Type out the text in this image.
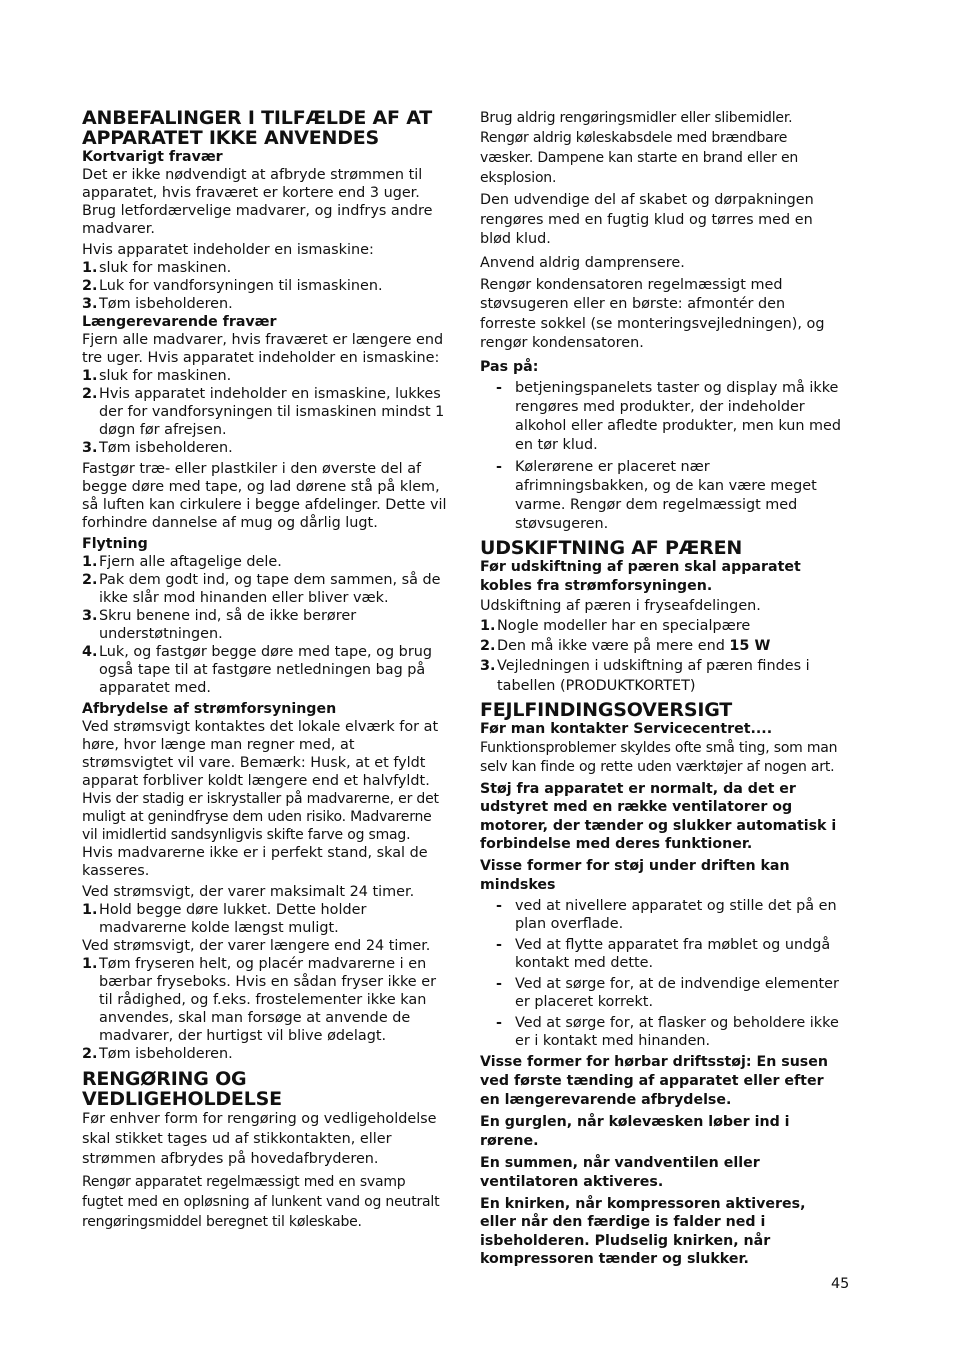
ANBEFALINGER I TILFÆLDE AF AT APPARATET IKKE ANVENDES

Kortvarigt fravær

Det er ikke nødvendigt at afbryde strømmen til apparatet, hvis fraværet er kortere end 3 uger. Brug letfordærvelige madvarer, og indfrys andre madvarer.

Hvis apparatet indeholder en ismaskine:

1. sluk for maskinen.
2. Luk for vandforsyningen til ismaskinen.
3. Tøm isbeholderen.

Længerevarende fravær

Fjern alle madvarer, hvis fraværet er længere end tre uger. Hvis apparatet indeholder en ismaskine:

1. sluk for maskinen.
2. Hvis apparatet indeholder en ismaskine, lukkes der for vandforsyningen til ismaskinen mindst 1 døgn før afrejsen.
3. Tøm isbeholderen.

Fastgør træ- eller plastkiler i den øverste del af begge døre med tape, og lad dørene stå på klem, så luften kan cirkulere i begge afdelinger. Dette vil forhindre dannelse af mug og dårlig lugt.

Flytning

1. Fjern alle aftagelige dele.
2. Pak dem godt ind, og tape dem sammen, så de ikke slår mod hinanden eller bliver væk.
3. Skru benene ind, så de ikke berører understøtningen.
4. Luk, og fastgør begge døre med tape, og brug også tape til at fastgøre netledningen bag på apparatet med.

Afbrydelse af strømforsyningen

Ved strømsvigt kontaktes det lokale elværk for at høre, hvor længe man regner med, at strømsvigtet vil vare. Bemærk: Husk, at et fyldt apparat forbliver koldt længere end et halvfyldt.

Hvis der stadig er iskrystaller på madvarerne, er det muligt at genindfryse dem uden risiko. Madvarerne vil imidlertid sandsynligvis skifte farve og smag.

Hvis madvarerne ikke er i perfekt stand, skal de kasseres.

Ved strømsvigt, der varer maksimalt 24 timer.

1. Hold begge døre lukket. Dette holder madvarerne kolde længst muligt.

Ved strømsvigt, der varer længere end 24 timer.

1. Tøm fryseren helt, og placér madvarerne i en bærbar fryseboks. Hvis en sådan fryser ikke er til rådighed, og f.eks. frostelementer ikke kan anvendes, skal man forsøge at anvende de madvarer, der hurtigst vil blive ødelagt.
2. Tøm isbeholderen.
RENGØRING OG VEDLIGEHOLDELSE

Før enhver form for rengøring og vedligeholdelse skal stikket tages ud af stikkontakten, eller strømmen afbrydes på hovedafbryderen.

Rengør apparatet regelmæssigt med en svamp fugtet med en opløsning af lunkent vand og neutralt rengøringsmiddel beregnet til køleskabe.

Brug aldrig rengøringsmidler eller slibemidler. Rengør aldrig køleskabsdele med brændbare væsker. Dampene kan starte en brand eller en eksplosion.

Den udvendige del af skabet og dørpakningen rengøres med en fugtig klud og tørres med en blød klud.

Anvend aldrig damprensere.

Rengør kondensatoren regelmæssigt med støvsugeren eller en børste: afmontér den forreste sokkel (se monteringsvejledningen), og rengør kondensatoren.

Pas på:

- betjeningspanelets taster og display må ikke rengøres med produkter, der indeholder alkohol eller afledte produkter, men kun med en tør klud.
- Kølerørene er placeret nær afrimningsbakken, og de kan være meget varme. Rengør dem regelmæssigt med støvsugeren.
UDSKIFTNING AF PÆREN

Før udskiftning af pæren skal apparatet kobles fra strømforsyningen.

Udskiftning af pæren i fryseafdelingen.

1. Nogle modeller har en specialpære
2. Den må ikke være på mere end 15 W
3. Vejledningen i udskiftning af pæren findes i tabellen (PRODUKTKORTET)
FEJLFINDINGSOVERSIGT

Før man kontakter Servicecentret....

Funktionsproblemer skyldes ofte små ting, som man selv kan finde og rette uden værktøjer af nogen art.

Støj fra apparatet er normalt, da det er udstyret med en række ventilatorer og motorer, der tænder og slukker automatisk i forbindelse med deres funktioner.

Visse former for støj under driften kan mindskes

- ved at nivellere apparatet og stille det på en plan overflade.
- Ved at flytte apparatet fra møblet og undgå kontakt med dette.
- Ved at sørge for, at de indvendige elementer er placeret korrekt.
- Ved at sørge for, at flasker og beholdere ikke er i kontakt med hinanden.

Visse former for hørbar driftsstøj: En susen ved første tænding af apparatet eller efter en længerevarende afbrydelse.

En gurglen, når kølevæsken løber ind i rørene.

En summen, når vandventilen eller ventilatoren aktiveres.

En knirken, når kompressoren aktiveres, eller når den færdige is falder ned i isbeholderen. Pludselig knirken, når kompressoren tænder og slukker.

45
